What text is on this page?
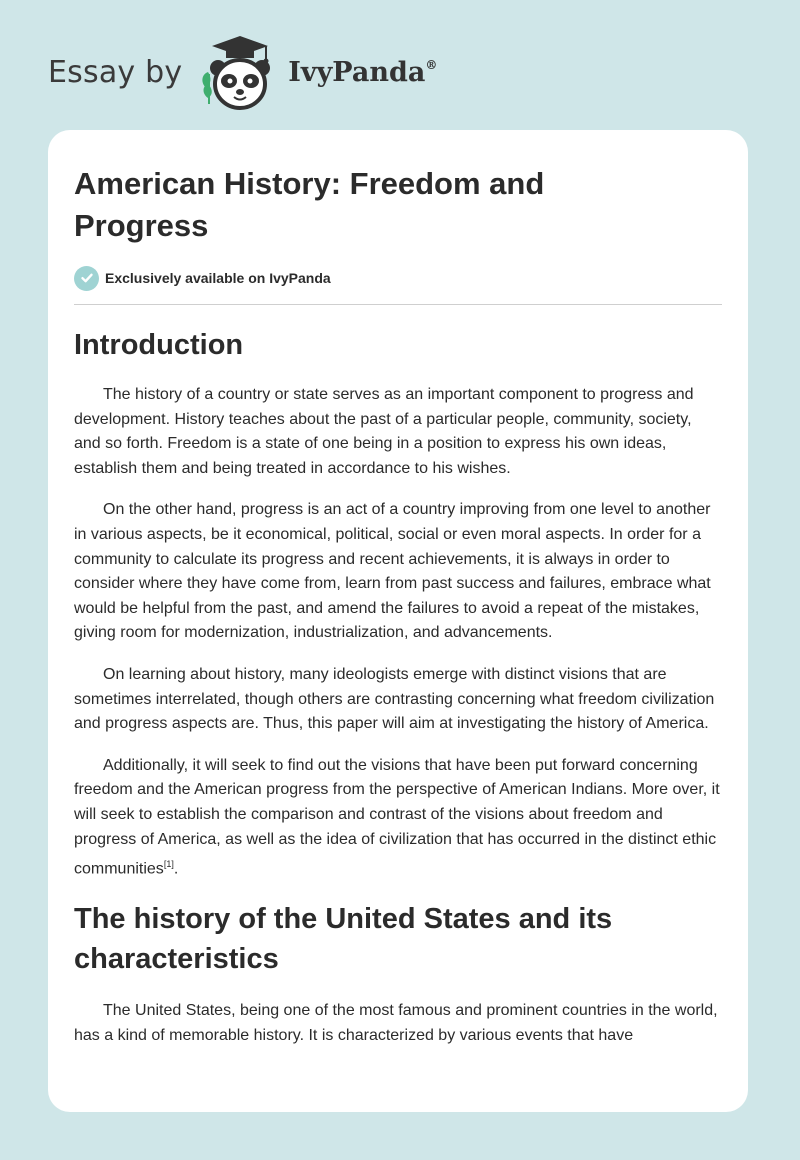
Essay by	IvyPanda®
American History: Freedom and
Progress
Exclusively available on IvyPanda
Introduction

The history of a country or state serves as an important component to progress and development. History teaches about the past of a particular people, community, society, and so forth. Freedom is a state of one being in a position to express his own ideas, establish them and being treated in accordance to his wishes.

On the other hand, progress is an act of a country improving from one level to another in various aspects, be it economical, political, social or even moral aspects. In order for a community to calculate its progress and recent achievements, it is always in order to consider where they have come from, learn from past success and failures, embrace what would be helpful from the past, and amend the failures to avoid a repeat of the mistakes, giving room for modernization, industrialization, and advancements.

On learning about history, many ideologists emerge with distinct visions that are sometimes interrelated, though others are contrasting concerning what freedom civilization and progress aspects are. Thus, this paper will aim at investigating the history of America.

Additionally, it will seek to find out the visions that have been put forward concerning freedom and the American progress from the perspective of American Indians. More over, it will seek to establish the comparison and contrast of the visions about freedom and progress of America, as well as the idea of civilization that has occurred in the distinct ethic communities[1].

The history of the United States and its
characteristics

The United States, being one of the most famous and prominent countries in the world, has a kind of memorable history. It is characterized by various events that have
